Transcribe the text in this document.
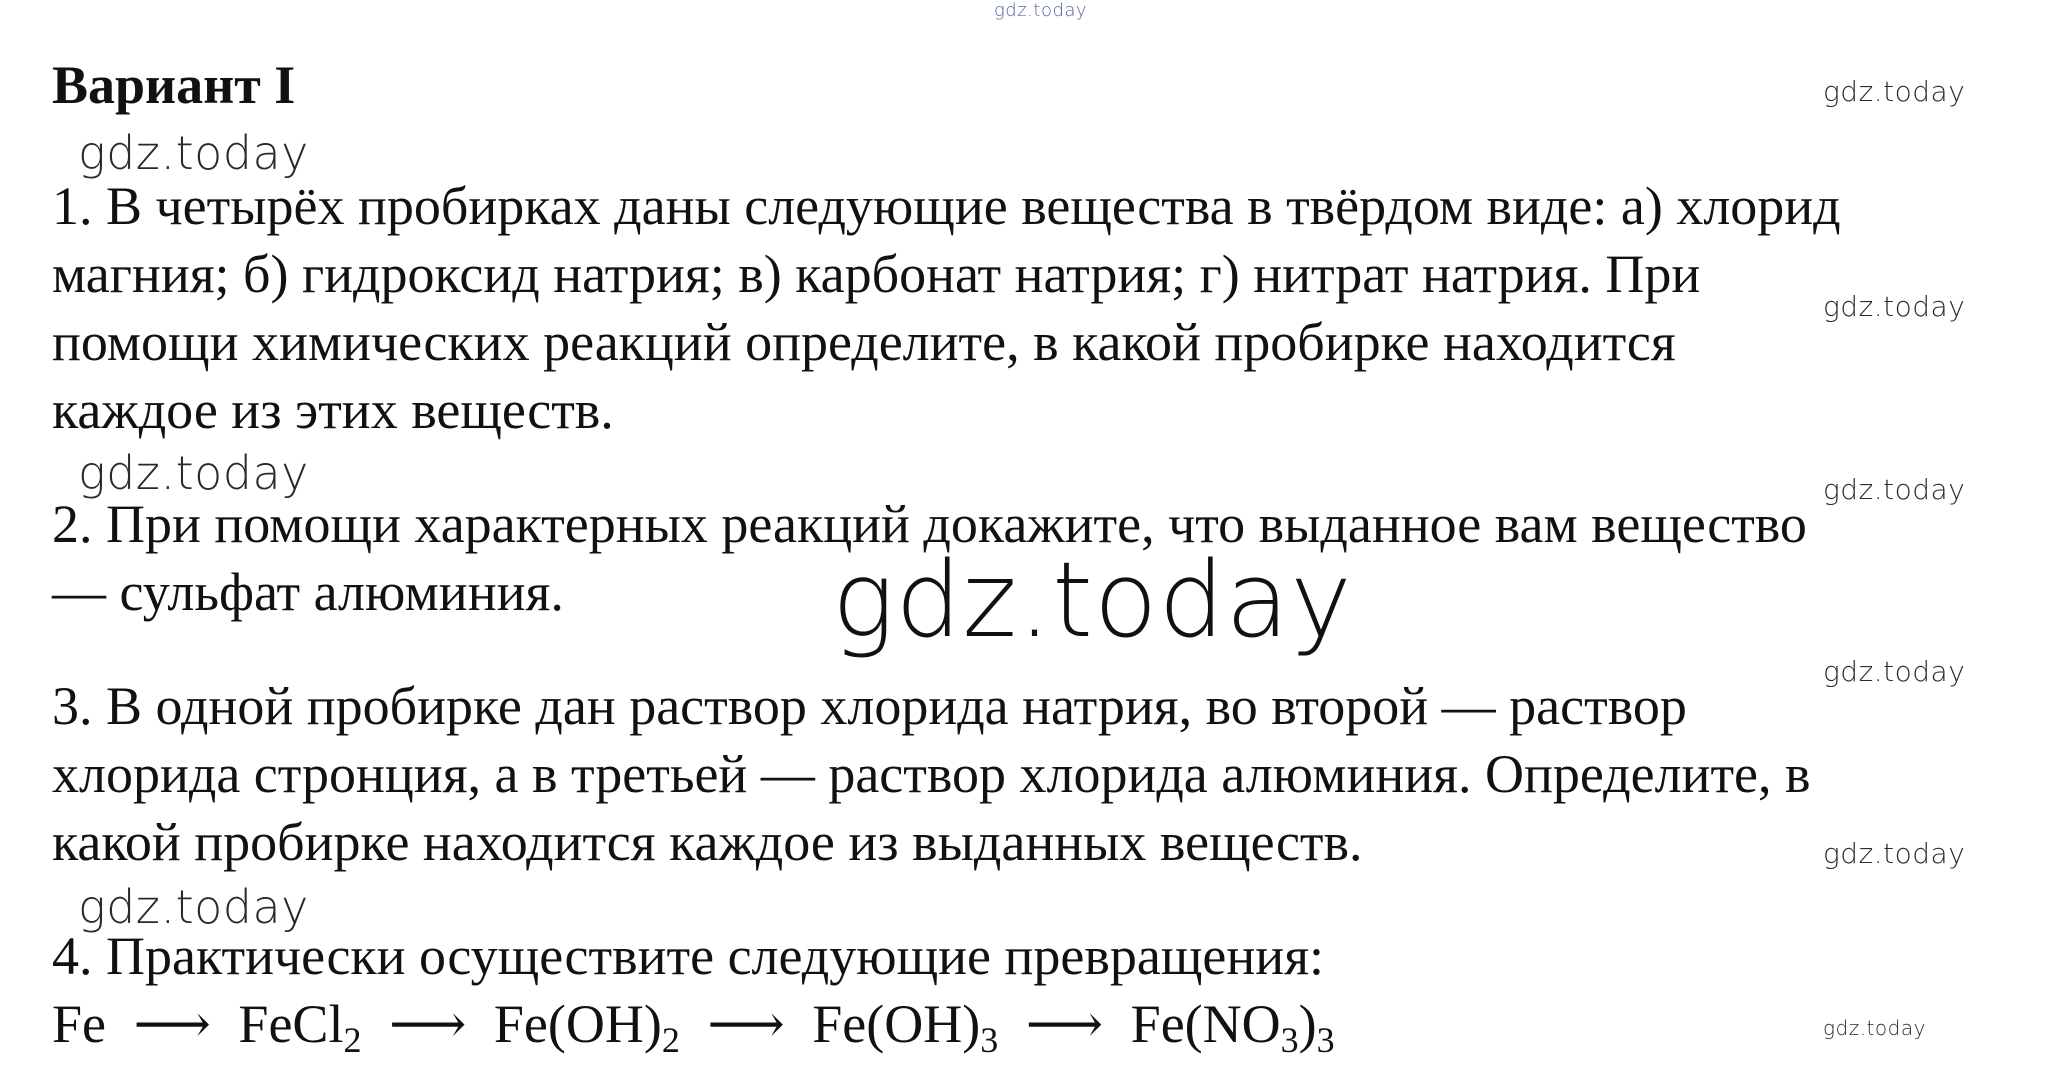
gdz.today
Вариант I	gdz.today
gdz.today
1. В четырёх пробирках даны следующие вещества в твёрдом виде: а) хлорид
магния; б) гидроксид натрия; в) карбонат натрия; г) нитрат натрия. При
помощи химических реакций определите, в какой пробирке находится
каждое из этих веществ.
gdz.today
gdz.today	gdz.today
2. При помощи характерных реакций докажите, что выданное вам вещество
— сульфат алюминия.	gdz.today
gdz.today
3. В одной пробирке дан раствор хлорида натрия, во второй — раствор
хлорида стронция, а в третьей — раствор хлорида алюминия. Определите, в
какой пробирке находится каждое из выданных веществ.	gdz.today
gdz.today
4. Практически осуществите следующие превращения:
Fe ⟶ FeCl$_2$ ⟶ $Fe(OH)_2$ ⟶ $Fe(OH)_3$ ⟶ $Fe(NO_3)_3$	gdz.today
